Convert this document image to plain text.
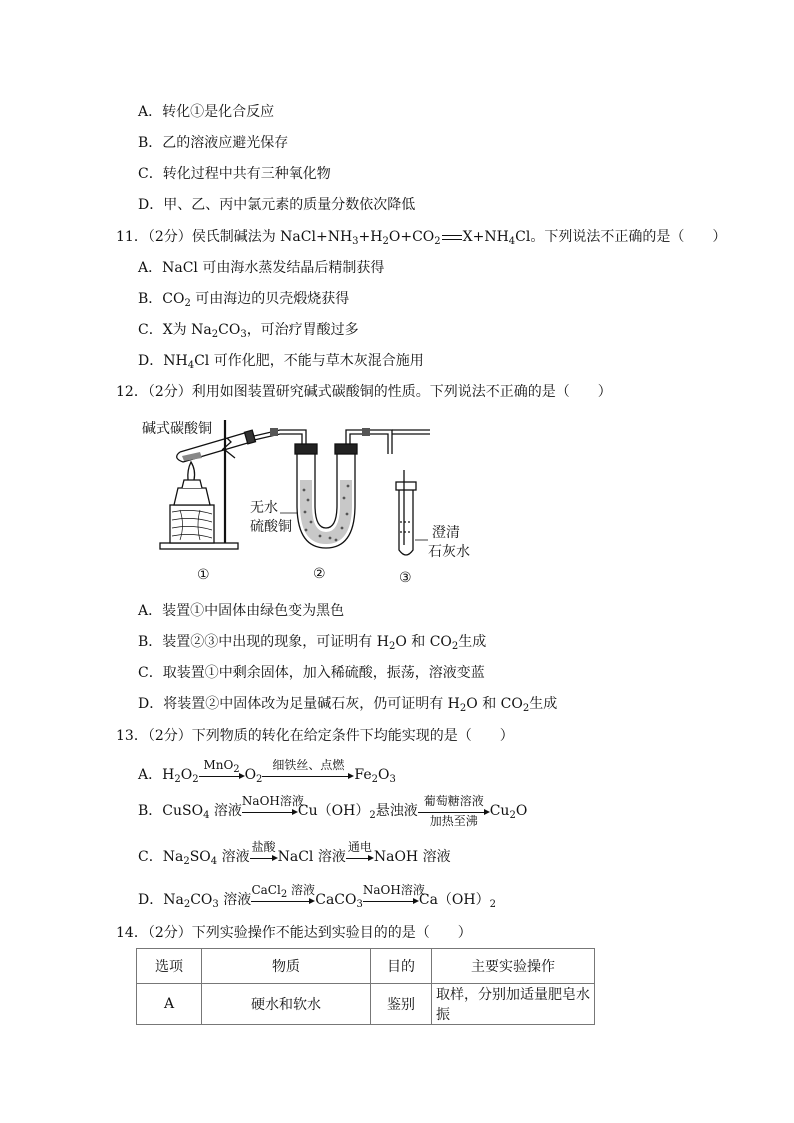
A．转化①是化合反应
B．乙的溶液应避光保存
C．转化过程中共有三种氧化物
D．甲、乙、丙中氯元素的质量分数依次降低
11．（2分）侯氏制碱法为 $NaCl+NH_3+H_2O+CO_2$ $X+NH_4Cl$。下列说法不正确的是（　　）
A．NaCl 可由海水蒸发结晶后精制获得
B．$CO_2$ 可由海边的贝壳煅烧获得
C．X为 $Na_2CO_3$，可治疗胃酸过多
D．$NH_4Cl$ 可作化肥，不能与草木灰混合施用
12．（2分）利用如图装置研究碱式碳酸铜的性质。下列说法不正确的是（　　）
碱式碳酸铜
无水
硫酸铜	澄清
石灰水
①	②	③
A．装置①中固体由绿色变为黑色
B．装置②③中出现的现象，可证明有 $H_2O$ 和 $CO_2$生成
C．取装置①中剩余固体，加入稀硫酸，振荡，溶液变蓝
D．将装置②中固体改为足量碱石灰，仍可证明有 $H_2O$ 和 $CO_2$生成
13．（2分）下列物质的转化在给定条件下均能实现的是（　　）
A．$H_2O_2$
MnO$_2$ $O_2$
细铁丝、点燃
$Fe_2O_3$
B．CuSO$_4$ 溶液
NaOH溶液
$Cu(OH)_2$悬浊液
葡萄糖溶液
加热至沸
$Cu_2O$
C．$Na_2SO_4$ 溶液
盐酸
NaCl 溶液
通电
NaOH 溶液
D．$Na_2CO_3$ 溶液
CaCl$_2$ 溶液
CaCO$_3$
NaOH溶液
$Ca(OH)_2$
14．（2分）下列实验操作不能达到实验目的的是（　　）
选项	物质	目的	主要实验操作
A	硬水和软水	鉴别	取样，分别加适量肥皂水振
